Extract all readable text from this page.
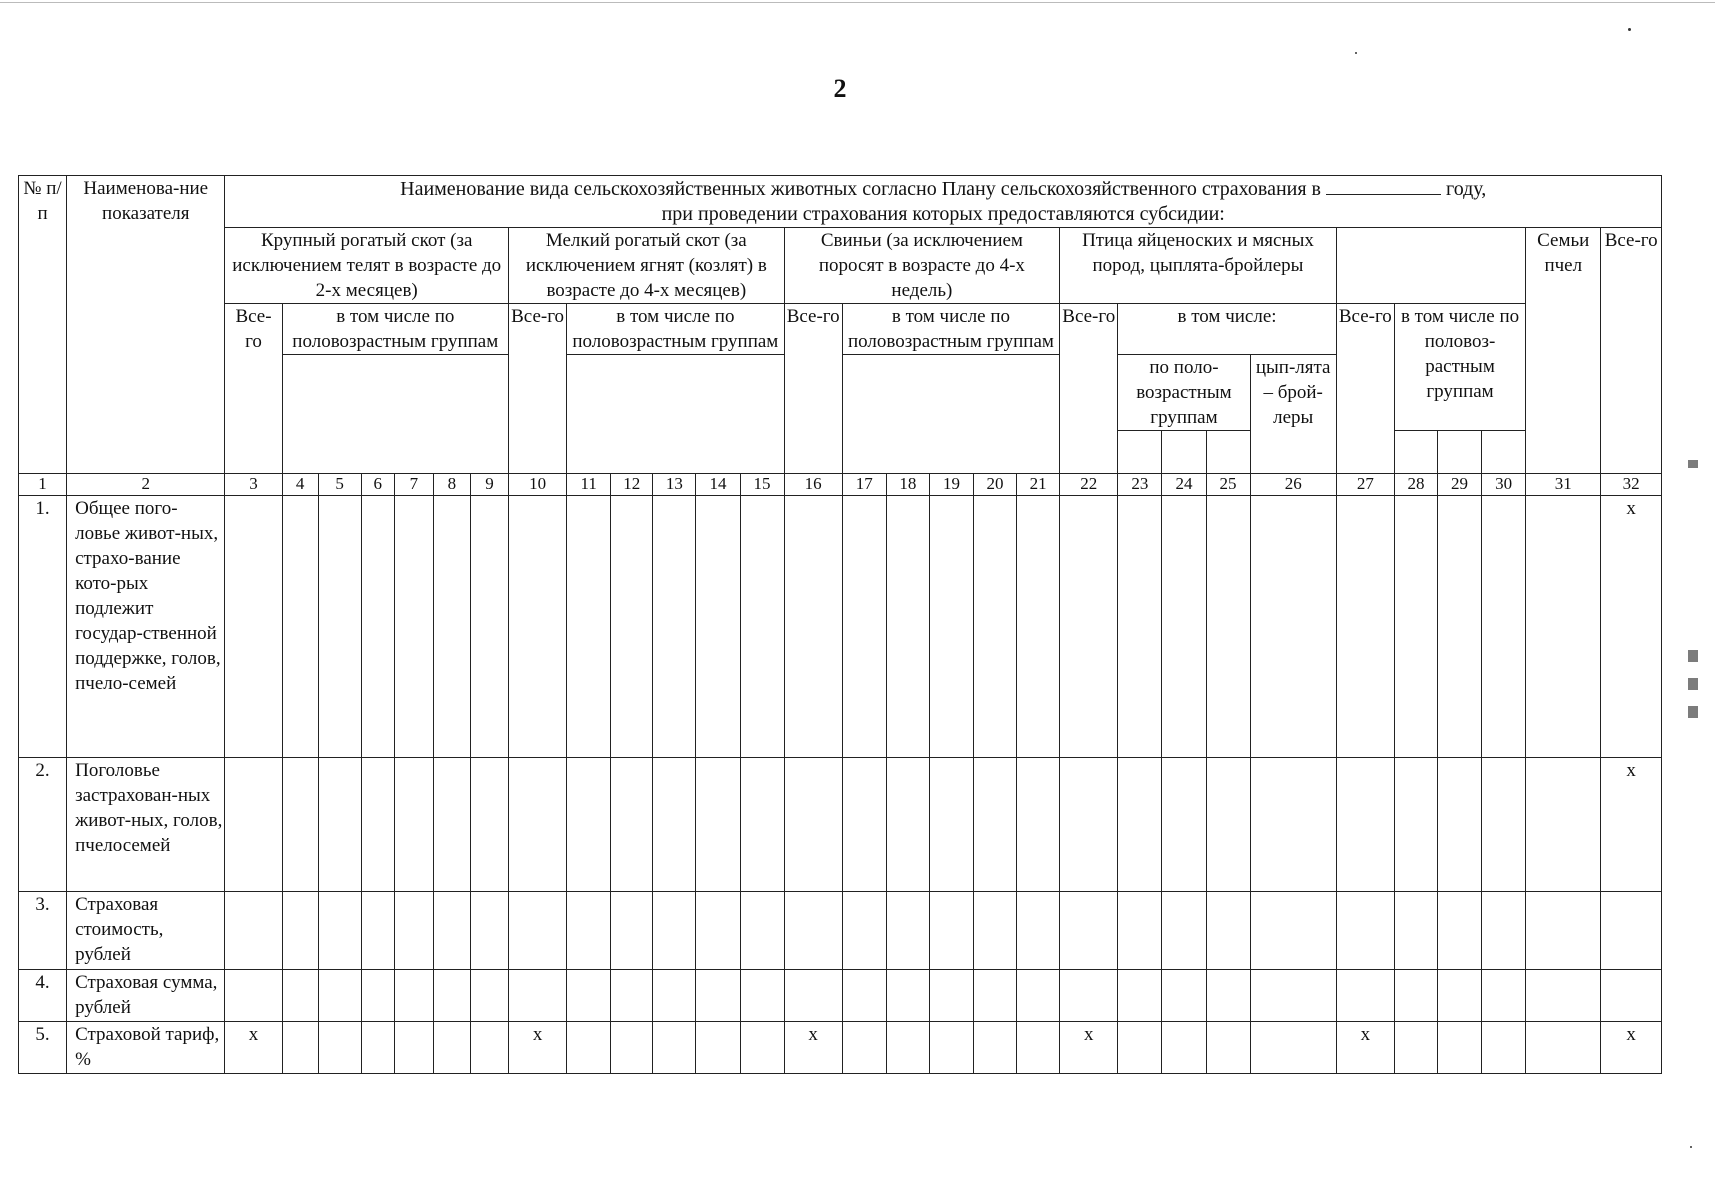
2
№ п/п	Наименова-ние показателя	Наименование вида сельскохозяйственных животных согласно Плану сельскохозяйственного страхования в году,
при проведении страхования которых предоставляются субсидии:																													
		Крупный рогатый скот (за исключением телят в возрасте до 2-х месяцев)							Мелкий рогатый скот (за исключением ягнят (козлят) в возрасте до 4-х месяцев)						Свиньи (за исключением поросят в возрасте до 4-х недель)						Птица яйценоских и мясных пород, цыплята-бройлеры									Семьи пчел	Все-го
		Все-го	в том числе по половозрастным группам						Все-го	в том числе по половозрастным группам					Все-го	в том числе по половозрастным группам					Все-го	в том числе:				Все-го	в том числе по половоз-растным группам				
																						по поло-возрастным группам			цып-лята – брой-леры						

1	2	3	4	5	6	7	8	9	10	11	12	13	14	15	16	17	18	19	20	21	22	23	24	25	26	27	28	29	30	31	32
1.	Общее пого-ловье живот-ных, страхо-вание кото-рых подлежит государ-ственной поддержке, голов, пчело-семей																														x
2.	Поголовье застрахован-ных живот-ных, голов, пчелосемей																														x
3.	Страховая стоимость, рублей																														
4.	Страховая сумма, рублей																														
5.	Страховой тариф, %	x							x						x						x					x					x
